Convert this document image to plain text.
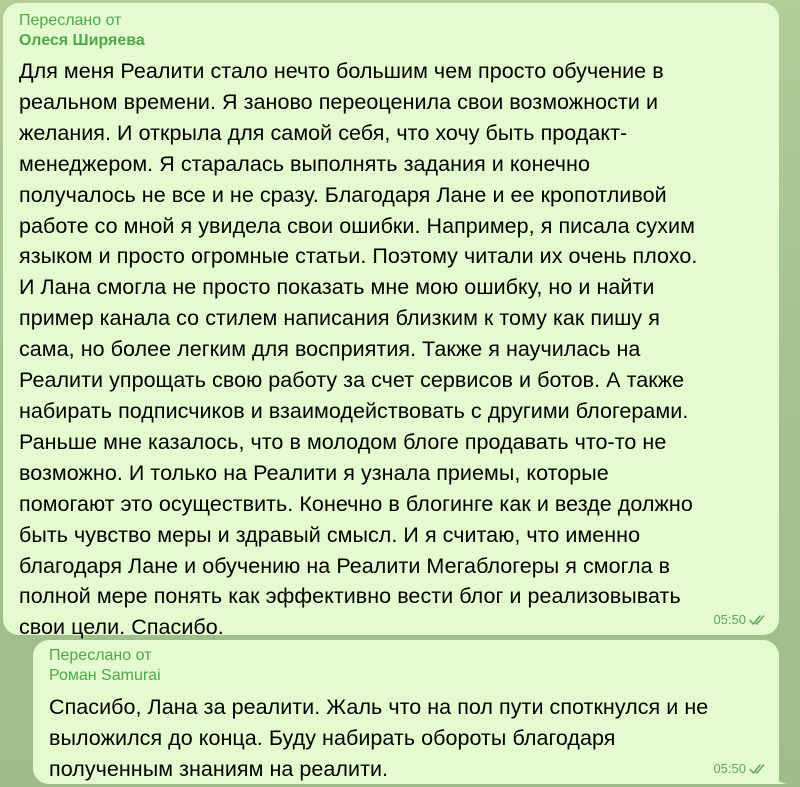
Переслано от
Олеся Ширяева
Для меня Реалити стало нечто большим чем просто обучение в
реальном времени. Я заново переоценила свои возможности и
желания. И открыла для самой себя, что хочу быть продакт-
менеджером. Я старалась выполнять задания и конечно
получалось не все и не сразу. Благодаря Лане и ее кропотливой
работе со мной я увидела свои ошибки. Например, я писала сухим
языком и просто огромные статьи. Поэтому читали их очень плохо.
И Лана смогла не просто показать мне мою ошибку, но и найти
пример канала со стилем написания близким к тому как пишу я
сама, но более легким для восприятия. Также я научилась на
Реалити упрощать свою работу за счет сервисов и ботов. А также
набирать подписчиков и взаимодействовать с другими блогерами.
Раньше мне казалось, что в молодом блоге продавать что-то не
возможно. И только на Реалити я узнала приемы, которые
помогают это осуществить. Конечно в блогинге как и везде должно
быть чувство меры и здравый смысл. И я считаю, что именно
благодаря Лане и обучению на Реалити Мегаблогеры я смогла в
полной мере понять как эффективно вести блог и реализовывать
свои цели. Спасибо.	05:50
Переслано от
Роман Samurai
Спасибо, Лана за реалити. Жаль что на пол пути споткнулся и не
выложился до конца. Буду набирать обороты благодаря
полученным знаниям на реалити.	05:50
